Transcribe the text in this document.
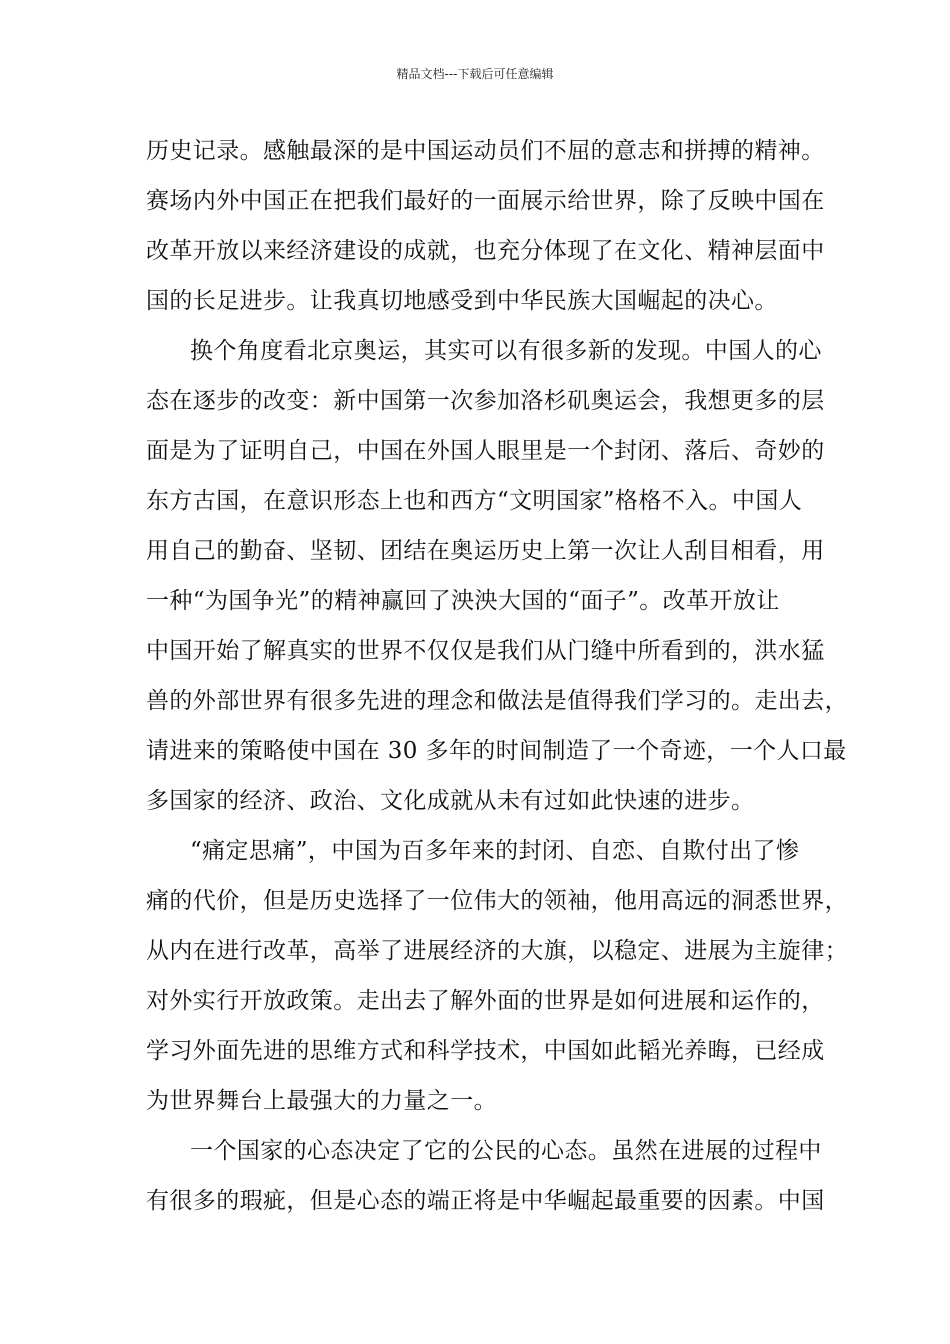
精品文档---下载后可任意编辑
历史记录。感触最深的是中国运动员们不屈的意志和拼搏的精神。
赛场内外中国正在把我们最好的一面展示给世界，除了反映中国在
改革开放以来经济建设的成就，也充分体现了在文化、精神层面中
国的长足进步。让我真切地感受到中华民族大国崛起的决心。
换个角度看北京奥运，其实可以有很多新的发现。中国人的心
态在逐步的改变：新中国第一次参加洛杉矶奥运会，我想更多的层
面是为了证明自己，中国在外国人眼里是一个封闭、落后、奇妙的
东方古国，在意识形态上也和西方“文明国家”格格不入。中国人
用自己的勤奋、坚韧、团结在奥运历史上第一次让人刮目相看，用
一种“为国争光”的精神赢回了泱泱大国的“面子”。改革开放让
中国开始了解真实的世界不仅仅是我们从门缝中所看到的，洪水猛
兽的外部世界有很多先进的理念和做法是值得我们学习的。走出去，
请进来的策略使中国在 30 多年的时间制造了一个奇迹，一个人口最
多国家的经济、政治、文化成就从未有过如此快速的进步。
“痛定思痛”，中国为百多年来的封闭、自恋、自欺付出了惨
痛的代价，但是历史选择了一位伟大的领袖，他用高远的洞悉世界，
从内在进行改革，高举了进展经济的大旗，以稳定、进展为主旋律；
对外实行开放政策。走出去了解外面的世界是如何进展和运作的，
学习外面先进的思维方式和科学技术，中国如此韬光养晦，已经成
为世界舞台上最强大的力量之一。
一个国家的心态决定了它的公民的心态。虽然在进展的过程中
有很多的瑕疵，但是心态的端正将是中华崛起最重要的因素。中国
